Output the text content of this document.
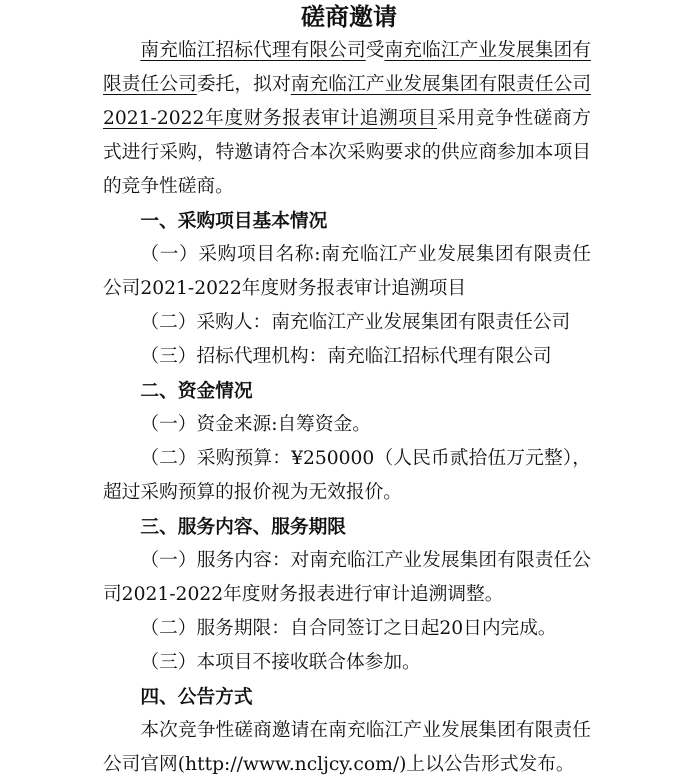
磋商邀请

南充临江招标代理有限公司受南充临江产业发展集团有限责任公司委托，拟对南充临江产业发展集团有限责任公司2021-2022年度财务报表审计追溯项目采用竞争性磋商方式进行采购，特邀请符合本次采购要求的供应商参加本项目的竞争性磋商。

一、采购项目基本情况

（一）采购项目名称:南充临江产业发展集团有限责任公司2021-2022年度财务报表审计追溯项目

（二）采购人：南充临江产业发展集团有限责任公司

（三）招标代理机构：南充临江招标代理有限公司

二、资金情况

（一）资金来源:自筹资金。

（二）采购预算：¥250000（人民币贰拾伍万元整），超过采购预算的报价视为无效报价。

三、服务内容、服务期限

（一）服务内容：对南充临江产业发展集团有限责任公司2021-2022年度财务报表进行审计追溯调整。

（二）服务期限：自合同签订之日起20日内完成。

（三）本项目不接收联合体参加。

四、公告方式

本次竞争性磋商邀请在南充临江产业发展集团有限责任公司官网(http://www.ncljcy.com/)上以公告形式发布。
